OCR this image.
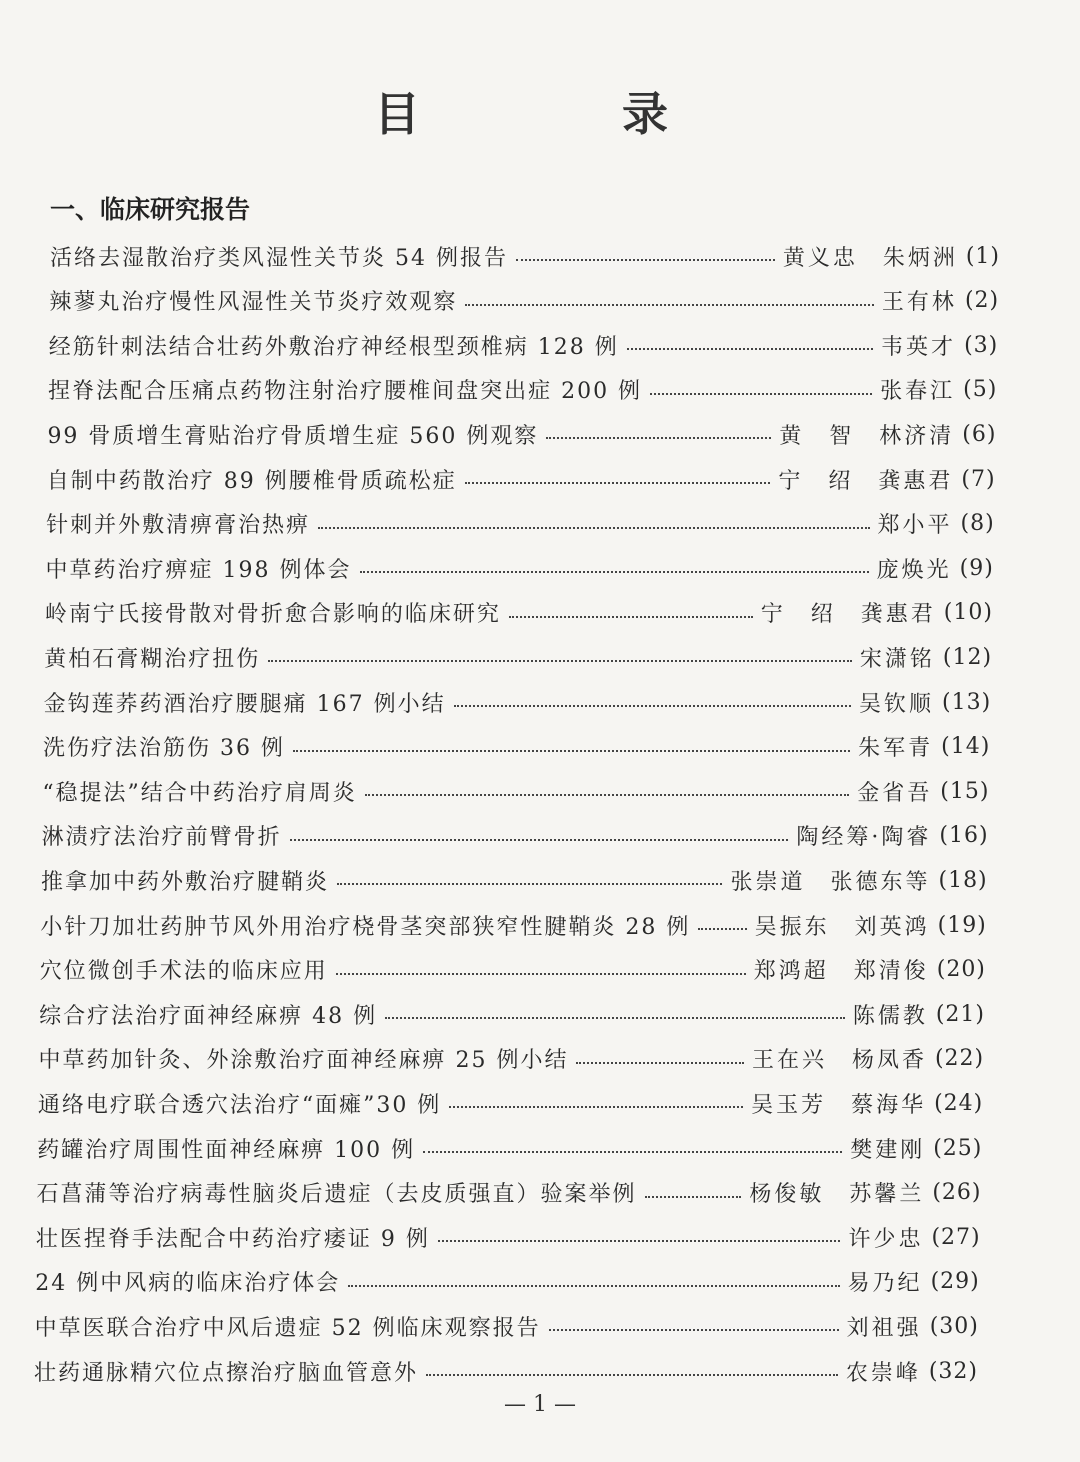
目　录
一、临床研究报告
活络去湿散治疗类风湿性关节炎 54 例报告	黄义忠　朱炳洲 (1)
辣蓼丸治疗慢性风湿性关节炎疗效观察	王有林 (2)
经筋针刺法结合壮药外敷治疗神经根型颈椎病 128 例	韦英才 (3)
捏脊法配合压痛点药物注射治疗腰椎间盘突出症 200 例	张春江 (5)
99 骨质增生膏贴治疗骨质增生症 560 例观察	黄　智　林济清 (6)
自制中药散治疗 89 例腰椎骨质疏松症	宁　绍　龚惠君 (7)
针刺并外敷清痹膏治热痹	郑小平 (8)
中草药治疗痹症 198 例体会	庞焕光 (9)
岭南宁氏接骨散对骨折愈合影响的临床研究	宁　绍　龚惠君 (10)
黄柏石膏糊治疗扭伤	宋潇铭 (12)
金钩莲荞药酒治疗腰腿痛 167 例小结	吴钦顺 (13)
洗伤疗法治筋伤 36 例	朱军青 (14)
“稳提法”结合中药治疗肩周炎	金省吾 (15)
淋渍疗法治疗前臂骨折	陶经筹·陶睿 (16)
推拿加中药外敷治疗腱鞘炎	张崇道　张德东等 (18)
小针刀加壮药肿节风外用治疗桡骨茎突部狭窄性腱鞘炎 28 例	吴振东　刘英鸿 (19)
穴位微创手术法的临床应用	郑鸿超　郑清俊 (20)
综合疗法治疗面神经麻痹 48 例	陈儒教 (21)
中草药加针灸、外涂敷治疗面神经麻痹 25 例小结	王在兴　杨凤香 (22)
通络电疗联合透穴法治疗“面瘫”30 例	吴玉芳　蔡海华 (24)
药罐治疗周围性面神经麻痹 100 例	樊建刚 (25)
石菖蒲等治疗病毒性脑炎后遗症（去皮质强直）验案举例	杨俊敏　苏馨兰 (26)
壮医捏脊手法配合中药治疗痿证 9 例	许少忠 (27)
24 例中风病的临床治疗体会	易乃纪 (29)
中草医联合治疗中风后遗症 52 例临床观察报告	刘祖强 (30)
壮药通脉精穴位点擦治疗脑血管意外	农崇峰 (32)
— 1 —
